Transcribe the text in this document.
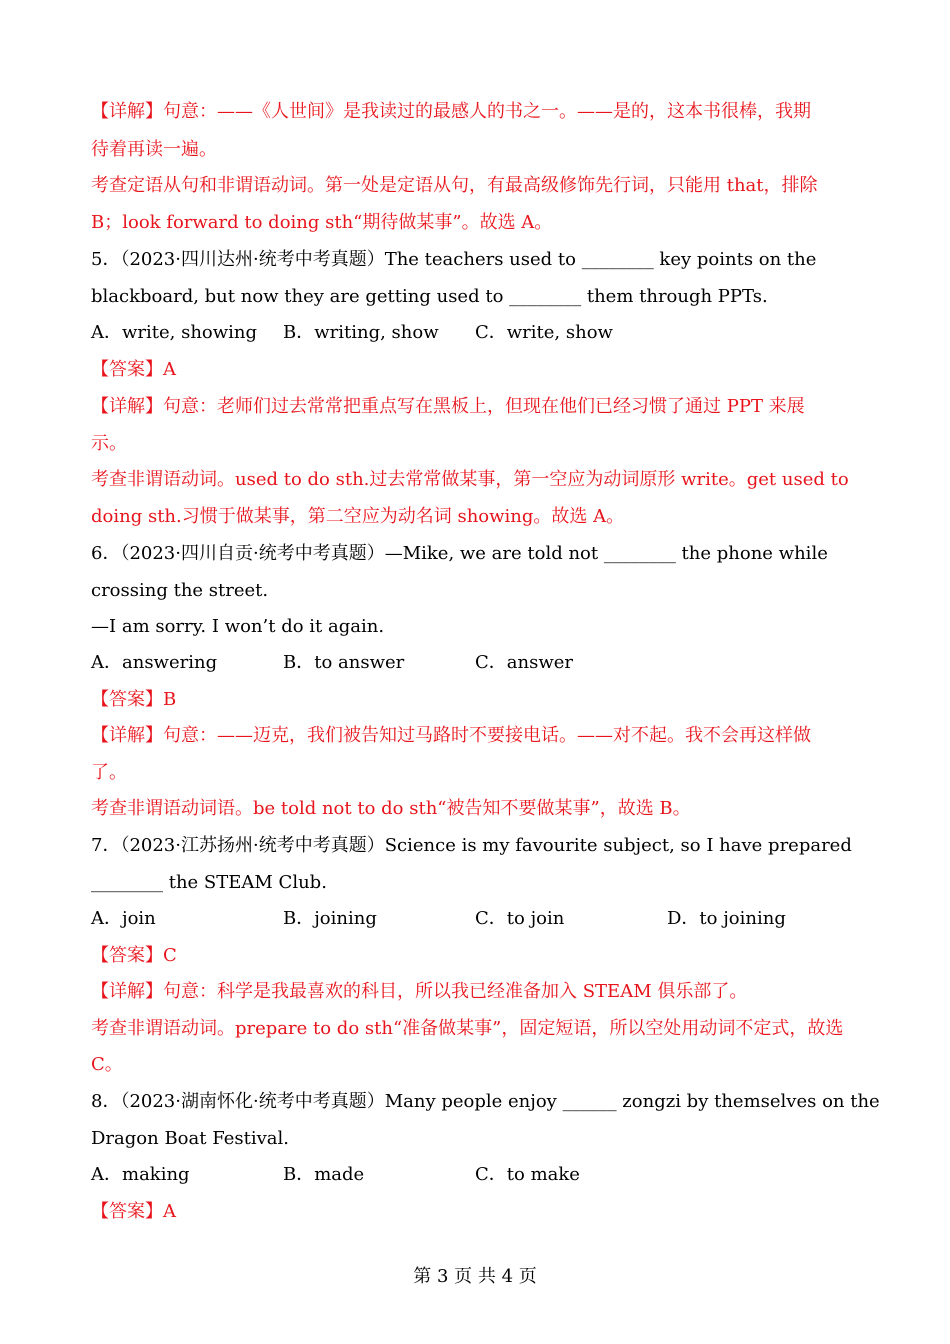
【详解】句意：——《人世间》是我读过的最感人的书之一。——是的，这本书很棒，我期
待着再读一遍。
考查定语从句和非谓语动词。第一处是定语从句，有最高级修饰先行词，只能用 that，排除
B；look forward to doing sth“期待做某事”。故选 A。
5．（2023·四川达州·统考中考真题）The teachers used to ________ key points on the
blackboard, but now they are getting used to ________ them through PPTs.
A．write, showing B．writing, show C．write, show
【答案】A
【详解】句意：老师们过去常常把重点写在黑板上，但现在他们已经习惯了通过 PPT 来展
示。
考查非谓语动词。used to do sth.过去常常做某事，第一空应为动词原形 write。get used to
doing sth.习惯于做某事，第二空应为动名词 showing。故选 A。
6．（2023·四川自贡·统考中考真题）—Mike, we are told not ________ the phone while
crossing the street.
—I am sorry. I won’t do it again.
A．answering	B．to answer	C．answer
【答案】B
【详解】句意：——迈克，我们被告知过马路时不要接电话。——对不起。我不会再这样做
了。
考查非谓语动词语。be told not to do sth“被告知不要做某事”，故选 B。
7．（2023·江苏扬州·统考中考真题）Science is my favourite subject, so I have prepared
________ the STEAM Club.
A．join	B．joining	C．to join	D．to joining
【答案】C
【详解】句意：科学是我最喜欢的科目，所以我已经准备加入 STEAM 俱乐部了。
考查非谓语动词。prepare to do sth“准备做某事”，固定短语，所以空处用动词不定式，故选
C。
8．（2023·湖南怀化·统考中考真题）Many people enjoy ______ zongzi by themselves on the
Dragon Boat Festival.
A．making	B．made	C．to make
【答案】A
第 3 页 共 4 页
